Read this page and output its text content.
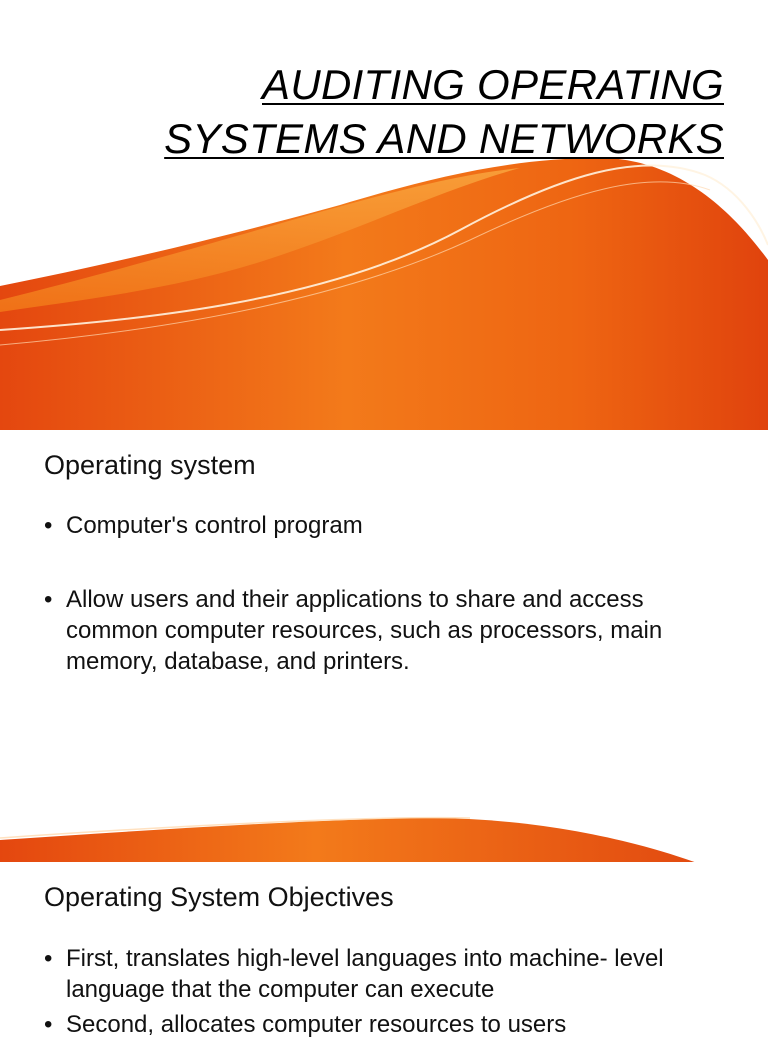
AUDITING OPERATING
SYSTEMS AND NETWORKS
Operating system
• Computer's control program
• Allow users and their applications to share and access common computer resources, such as processors, main memory, database, and printers.
Operating System Objectives
• First, translates high-level languages into machine- level language that the computer can execute
• Second, allocates computer resources to users
